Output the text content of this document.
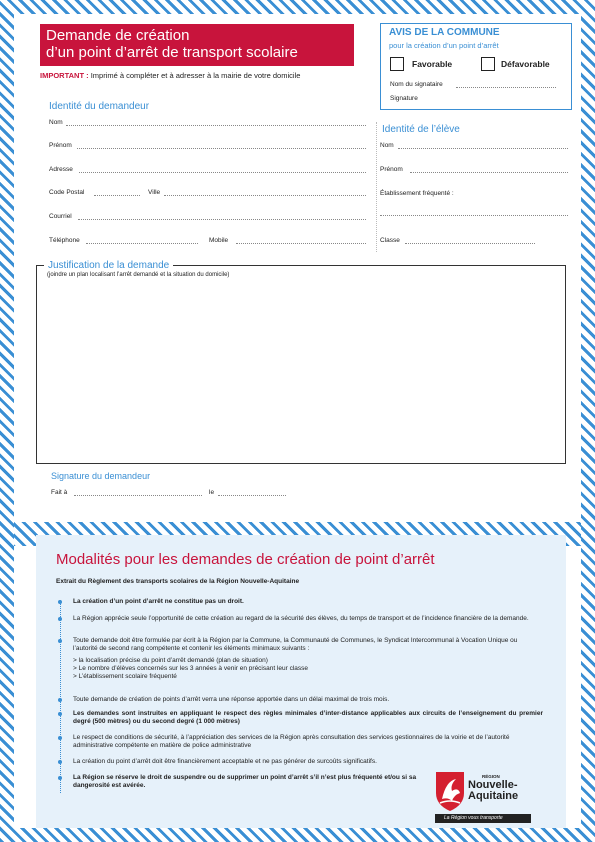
Demande de création
d’un point d’arrêt de transport scolaire
IMPORTANT : Imprimé à compléter et à adresser à la mairie de votre domicile
AVIS DE LA COMMUNE
pour la création d’un point d’arrêt
Favorable	Défavorable
Nom du signataire
Signature
Identité du demandeur
Nom
Prénom
Adresse
Code Postal	Ville
Courriel
Téléphone	Mobile
Identité de l’élève
Nom
Prénom
Établissement fréquenté :
Classe
Justification de la demande
(joindre un plan localisant l’arrêt demandé et la situation du domicile)
Signature du demandeur
Fait à	le
Modalités pour les demandes de création de point d’arrêt
Extrait du Règlement des transports scolaires de la Région Nouvelle-Aquitaine
La création d’un point d’arrêt ne constitue pas un droit.
La Région apprécie seule l’opportunité de cette création au regard de la sécurité des élèves, du temps de transport et de l’incidence financière de la demande.
Toute demande doit être formulée par écrit à la Région par la Commune, la Communauté de Communes, le Syndicat Intercommunal à Vocation Unique ou l’autorité de second rang compétente et contenir les éléments minimaux suivants :
> la localisation précise du point d’arrêt demandé (plan de situation)
> Le nombre d’élèves concernés sur les 3 années à venir en précisant leur classe
> L’établissement scolaire fréquenté
Toute demande de création de points d’arrêt verra une réponse apportée dans un délai maximal de trois mois.
Les demandes sont instruites en appliquant le respect des règles minimales d’inter-distance applicables aux circuits de l’enseignement du premier degré (500 mètres) ou du second degré (1 000 mètres)
Le respect de conditions de sécurité, à l’appréciation des services de la Région après consultation des services gestionnaires de la voirie et de l’autorité administrative compétente en matière de police administrative
La création du point d’arrêt doit être financièrement acceptable et ne pas générer de surcoûts significatifs.
La Région se réserve le droit de suspendre ou de supprimer un point d’arrêt s’il n’est plus fréquenté et/ou si sa dangerosité est avérée.
RÉGION
Nouvelle-
Aquitaine
La Région vous transporte
